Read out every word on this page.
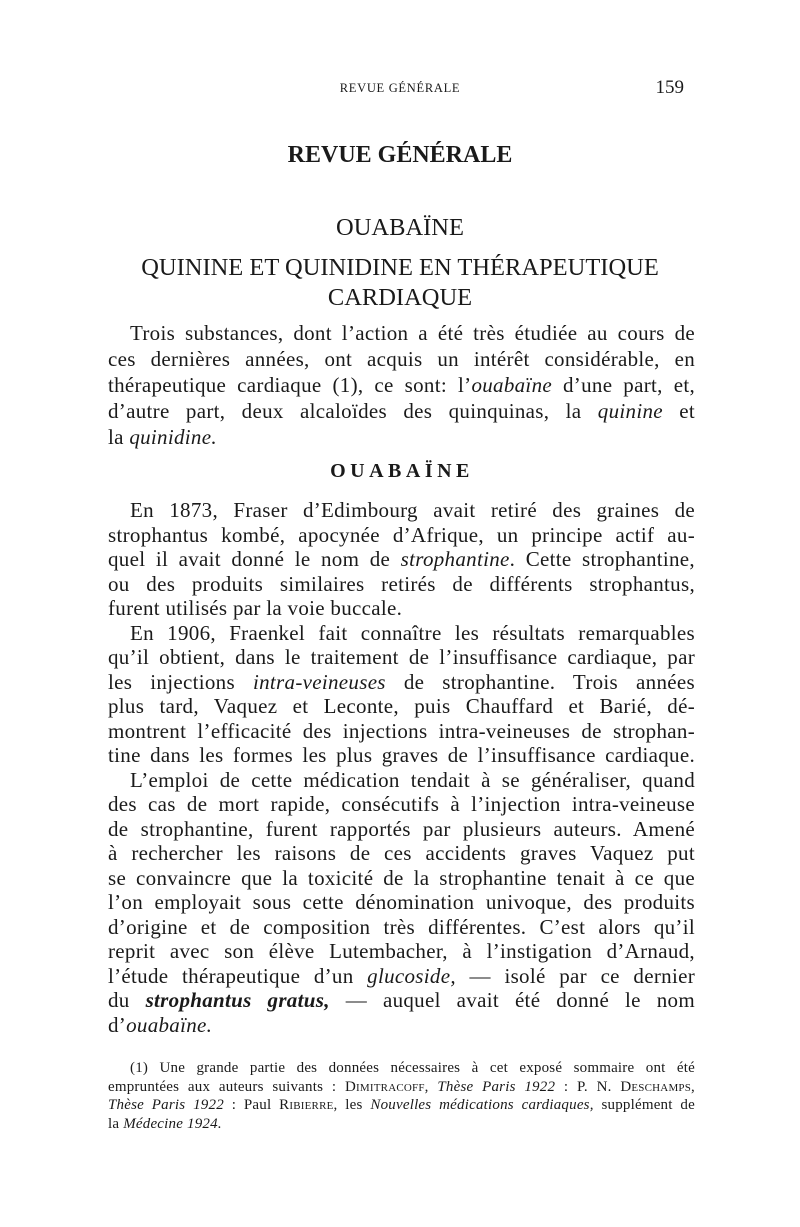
REVUE GÉNÉRALE	159
REVUE GÉNÉRALE
OUABAÏNE
QUININE ET QUINIDINE EN THÉRAPEUTIQUE
CARDIAQUE
Trois substances, dont l’action a été très étudiée au cours de
ces dernières années, ont acquis un intérêt considérable, en
thérapeutique cardiaque (1), ce sont: l’ouabaïne d’une part, et,
d’autre part, deux alcaloïdes des quinquinas, la quinine et
la quinidine.
OUABAÏNE
En 1873, Fraser d’Edimbourg avait retiré des graines de
strophantus kombé, apocynée d’Afrique, un principe actif au-
quel il avait donné le nom de strophantine. Cette strophantine,
ou des produits similaires retirés de différents strophantus,
furent utilisés par la voie buccale.
En 1906, Fraenkel fait connaître les résultats remarquables
qu’il obtient, dans le traitement de l’insuffisance cardiaque, par
les injections intra-veineuses de strophantine. Trois années
plus tard, Vaquez et Leconte, puis Chauffard et Barié, dé-
montrent l’efficacité des injections intra-veineuses de strophan-
tine dans les formes les plus graves de l’insuffisance cardiaque.
L’emploi de cette médication tendait à se généraliser, quand
des cas de mort rapide, consécutifs à l’injection intra-veineuse
de strophantine, furent rapportés par plusieurs auteurs. Amené
à rechercher les raisons de ces accidents graves Vaquez put
se convaincre que la toxicité de la strophantine tenait à ce que
l’on employait sous cette dénomination univoque, des produits
d’origine et de composition très différentes. C’est alors qu’il
reprit avec son élève Lutembacher, à l’instigation d’Arnaud,
l’étude thérapeutique d’un glucoside, — isolé par ce dernier
du strophantus gratus, — auquel avait été donné le nom
d’ouabaïne.
(1) Une grande partie des données nécessaires à cet exposé sommaire ont été
empruntées aux auteurs suivants : Dimitracoff, Thèse Paris 1922 : P. N. Deschamps,
Thèse Paris 1922 : Paul Ribierre, les Nouvelles médications cardiaques, supplément de
la Médecine 1924.
